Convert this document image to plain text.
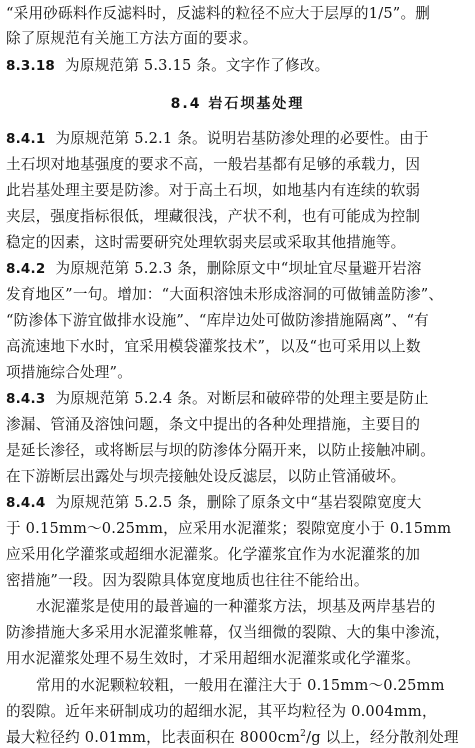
“采用砂砾料作反滤料时，反滤料的粒径不应大于层厚的1/5”。删
除了原规范有关施工方法方面的要求。
8.3.18 为原规范第 5.3.15 条。文字作了修改。
8.4 岩石坝基处理
8.4.1 为原规范第 5.2.1 条。说明岩基防渗处理的必要性。由于
土石坝对地基强度的要求不高，一般岩基都有足够的承载力，因
此岩基处理主要是防渗。对于高土石坝，如地基内有连续的软弱
夹层，强度指标很低，埋藏很浅，产状不利，也有可能成为控制
稳定的因素，这时需要研究处理软弱夹层或采取其他措施等。
8.4.2 为原规范第 5.2.3 条，删除原文中“坝址宜尽量避开岩溶
发育地区”一句。增加：“大面积溶蚀未形成溶洞的可做铺盖防渗”、
“防渗体下游宜做排水设施”、“库岸边处可做防渗措施隔离”、“有
高流速地下水时，宜采用模袋灌浆技术”，以及“也可采用以上数
项措施综合处理”。
8.4.3 为原规范第 5.2.4 条。对断层和破碎带的处理主要是防止
渗漏、管涌及溶蚀问题，条文中提出的各种处理措施，主要目的
是延长渗径，或将断层与坝的防渗体分隔开来，以防止接触冲刷。
在下游断层出露处与坝壳接触处设反滤层，以防止管涌破坏。
8.4.4 为原规范第 5.2.5 条，删除了原条文中“基岩裂隙宽度大
于 0.15mm～0.25mm，应采用水泥灌浆；裂隙宽度小于 0.15mm
应采用化学灌浆或超细水泥灌浆。化学灌浆宜作为水泥灌浆的加
密措施”一段。因为裂隙具体宽度地质也往往不能给出。
水泥灌浆是使用的最普遍的一种灌浆方法，坝基及两岸基岩的
防渗措施大多采用水泥灌浆帷幕，仅当细微的裂隙、大的集中渗流，
用水泥灌浆处理不易生效时，才采用超细水泥灌浆或化学灌浆。
常用的水泥颗粒较粗，一般用在灌注大于 0.15mm～0.25mm
的裂隙。近年来研制成功的超细水泥，其平均粒径为 0.004mm，
最大粒径约 0.01mm，比表面积在 $8000cm^2/g$ 以上，经分散剂处理
